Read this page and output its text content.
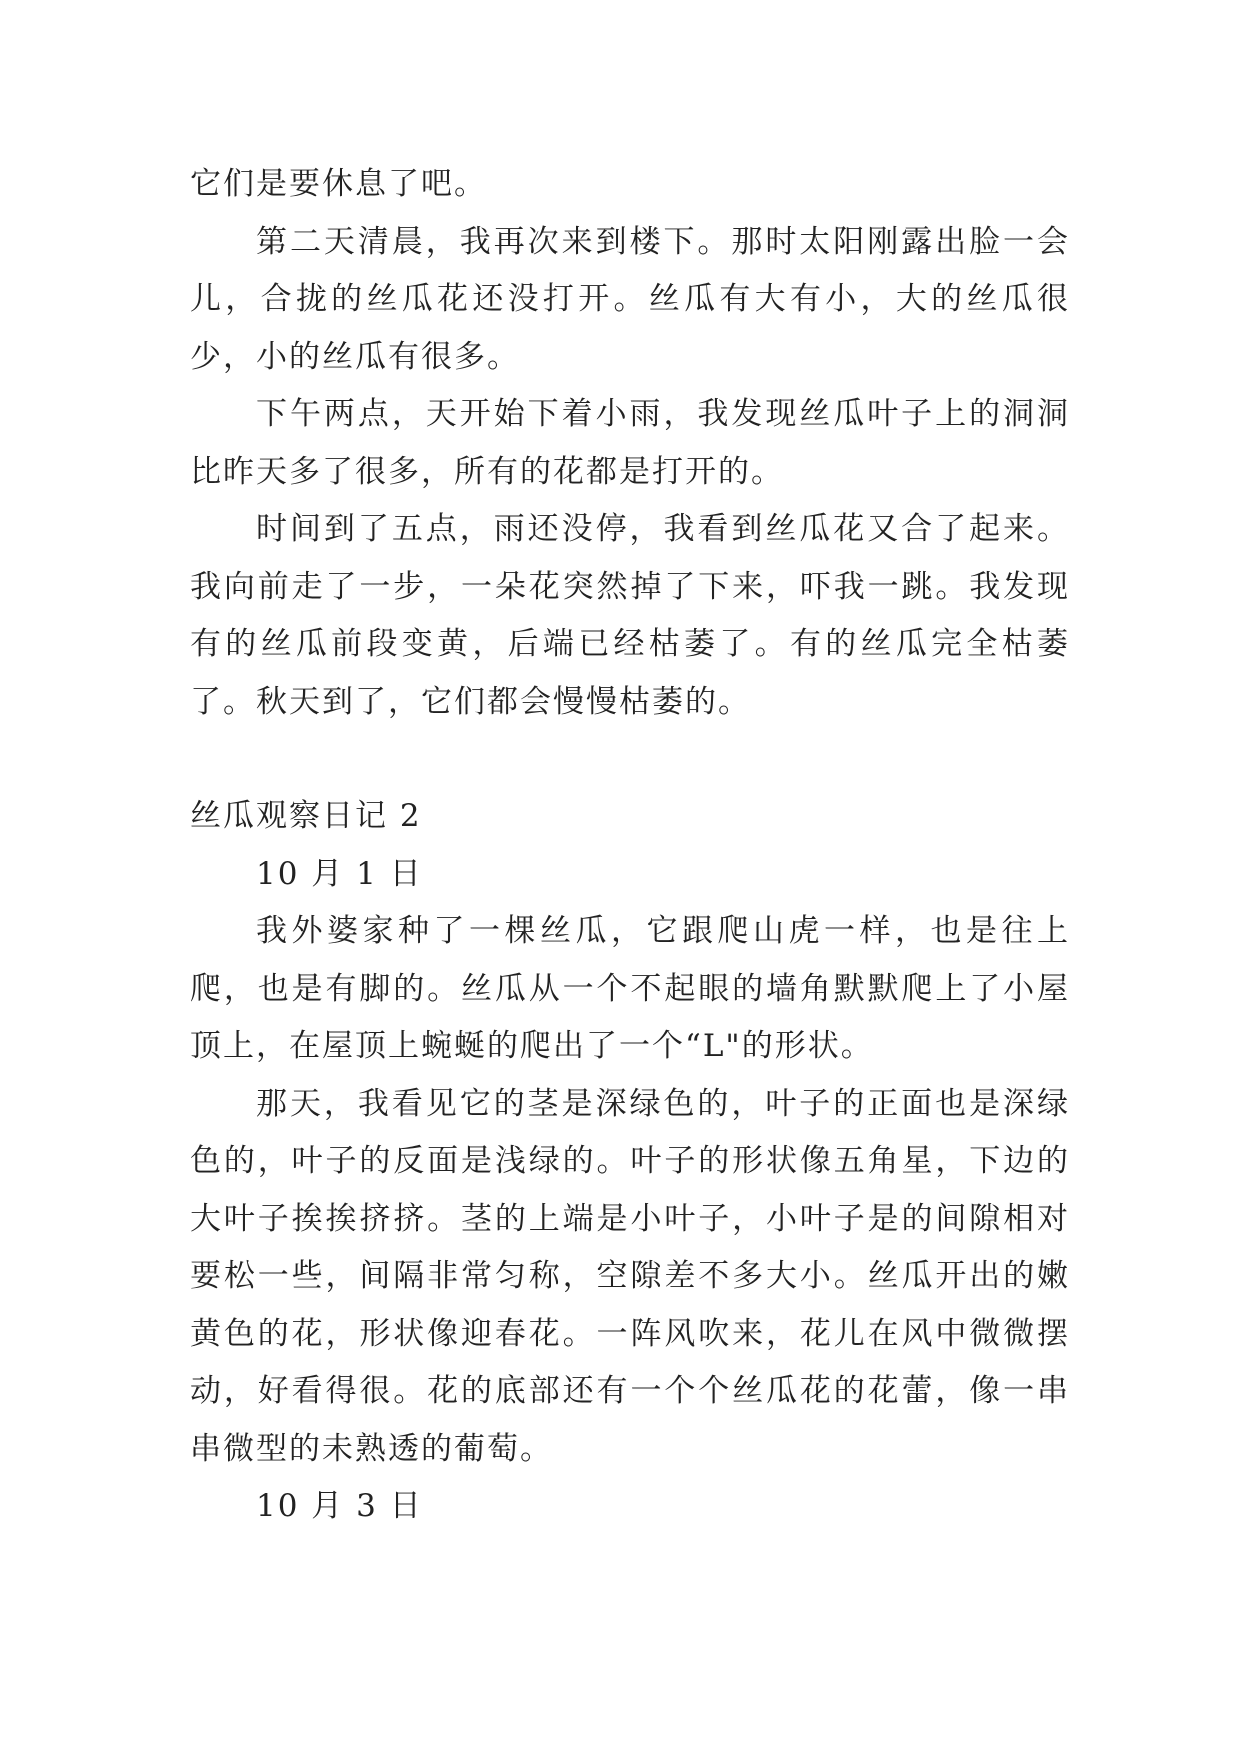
它们是要休息了吧。

第二天清晨，我再次来到楼下。那时太阳刚露出脸一会儿，合拢的丝瓜花还没打开。丝瓜有大有小，大的丝瓜很少，小的丝瓜有很多。

下午两点，天开始下着小雨，我发现丝瓜叶子上的洞洞比昨天多了很多，所有的花都是打开的。

时间到了五点，雨还没停，我看到丝瓜花又合了起来。我向前走了一步，一朵花突然掉了下来，吓我一跳。我发现有的丝瓜前段变黄，后端已经枯萎了。有的丝瓜完全枯萎了。秋天到了，它们都会慢慢枯萎的。

丝瓜观察日记 2

10 月 1 日

我外婆家种了一棵丝瓜，它跟爬山虎一样，也是往上爬，也是有脚的。丝瓜从一个不起眼的墙角默默爬上了小屋顶上，在屋顶上蜿蜒的爬出了一个“L"的形状。

那天，我看见它的茎是深绿色的，叶子的正面也是深绿色的，叶子的反面是浅绿的。叶子的形状像五角星，下边的大叶子挨挨挤挤。茎的上端是小叶子，小叶子是的间隙相对要松一些，间隔非常匀称，空隙差不多大小。丝瓜开出的嫩黄色的花，形状像迎春花。一阵风吹来，花儿在风中微微摆动，好看得很。花的底部还有一个个丝瓜花的花蕾，像一串串微型的未熟透的葡萄。

10 月 3 日
